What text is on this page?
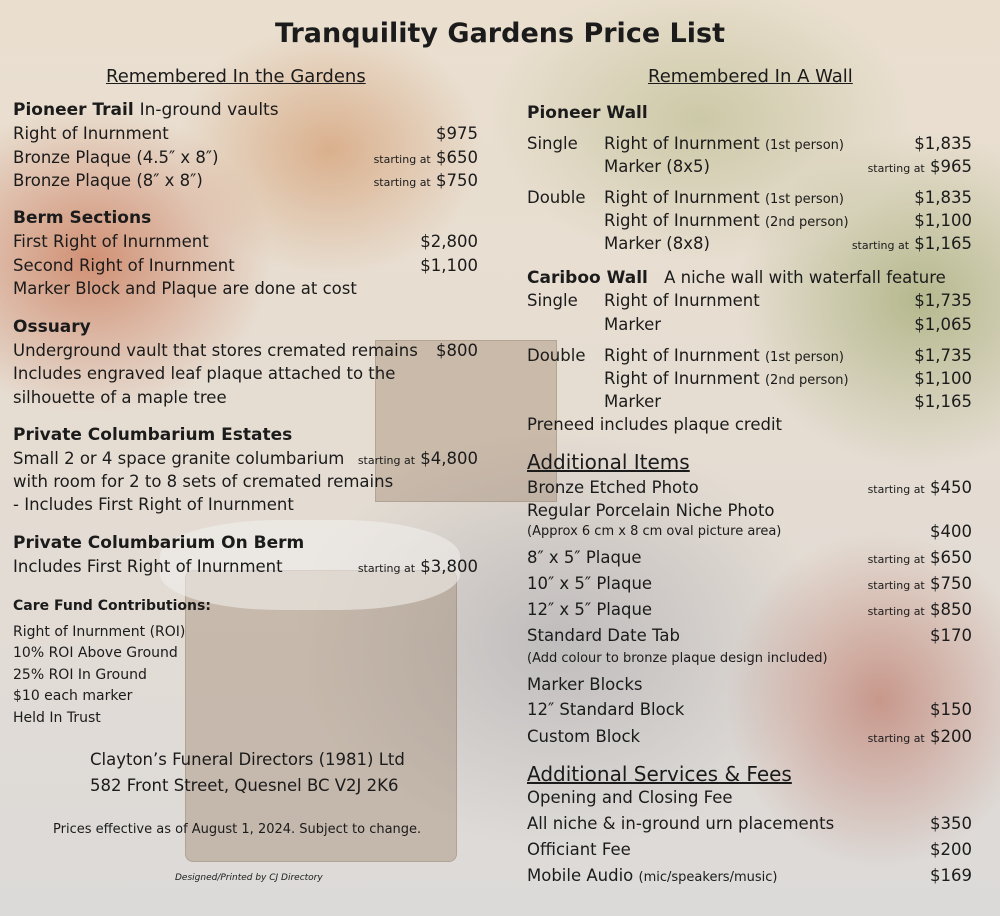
Tranquility Gardens Price List
Remembered In the Gardens
Pioneer Trail In-ground vaults
Right of Inurnment	$975
Bronze Plaque (4.5″ x 8″)	starting at $650
Bronze Plaque (8″ x 8″)	starting at $750
Berm Sections
First Right of Inurnment	$2,800
Second Right of Inurnment	$1,100
Marker Block and Plaque are done at cost
Ossuary
Underground vault that stores cremated remains $800
Includes engraved leaf plaque attached to the
silhouette of a maple tree
Private Columbarium Estates
Small 2 or 4 space granite columbarium starting at $4,800
with room for 2 to 8 sets of cremated remains
- Includes First Right of Inurnment
Private Columbarium On Berm
Includes First Right of Inurnment	starting at $3,800
Care Fund Contributions:
Right of Inurnment (ROI)
10% ROI Above Ground
25% ROI In Ground
$10 each marker
Held In Trust
Clayton’s Funeral Directors (1981) Ltd
582 Front Street, Quesnel BC V2J 2K6
Prices effective as of August 1, 2024. Subject to change.
Designed/Printed by CJ Directory
Remembered In A Wall
Pioneer Wall
Single Right of Inurnment (1st person)	$1,835
Marker (8x5)	starting at $965
Double Right of Inurnment (1st person)	$1,835
Right of Inurnment (2nd person)	$1,100
Marker (8x8)	starting at $1,165
Cariboo Wall A niche wall with waterfall feature
Single Right of Inurnment	$1,735
Marker	$1,065
Double Right of Inurnment (1st person)	$1,735
Right of Inurnment (2nd person)	$1,100
Marker	$1,165
Preneed includes plaque credit
Additional Items
Bronze Etched Photo	starting at $450
Regular Porcelain Niche Photo
(Approx 6 cm x 8 cm oval picture area)	$400
8″ x 5″ Plaque	starting at $650
10″ x 5″ Plaque	starting at $750
12″ x 5″ Plaque	starting at $850
Standard Date Tab	$170
(Add colour to bronze plaque design included)
Marker Blocks
12″ Standard Block	$150
Custom Block	starting at $200
Additional Services & Fees
Opening and Closing Fee
All niche & in-ground urn placements	$350
Officiant Fee	$200
Mobile Audio (mic/speakers/music)	$169
